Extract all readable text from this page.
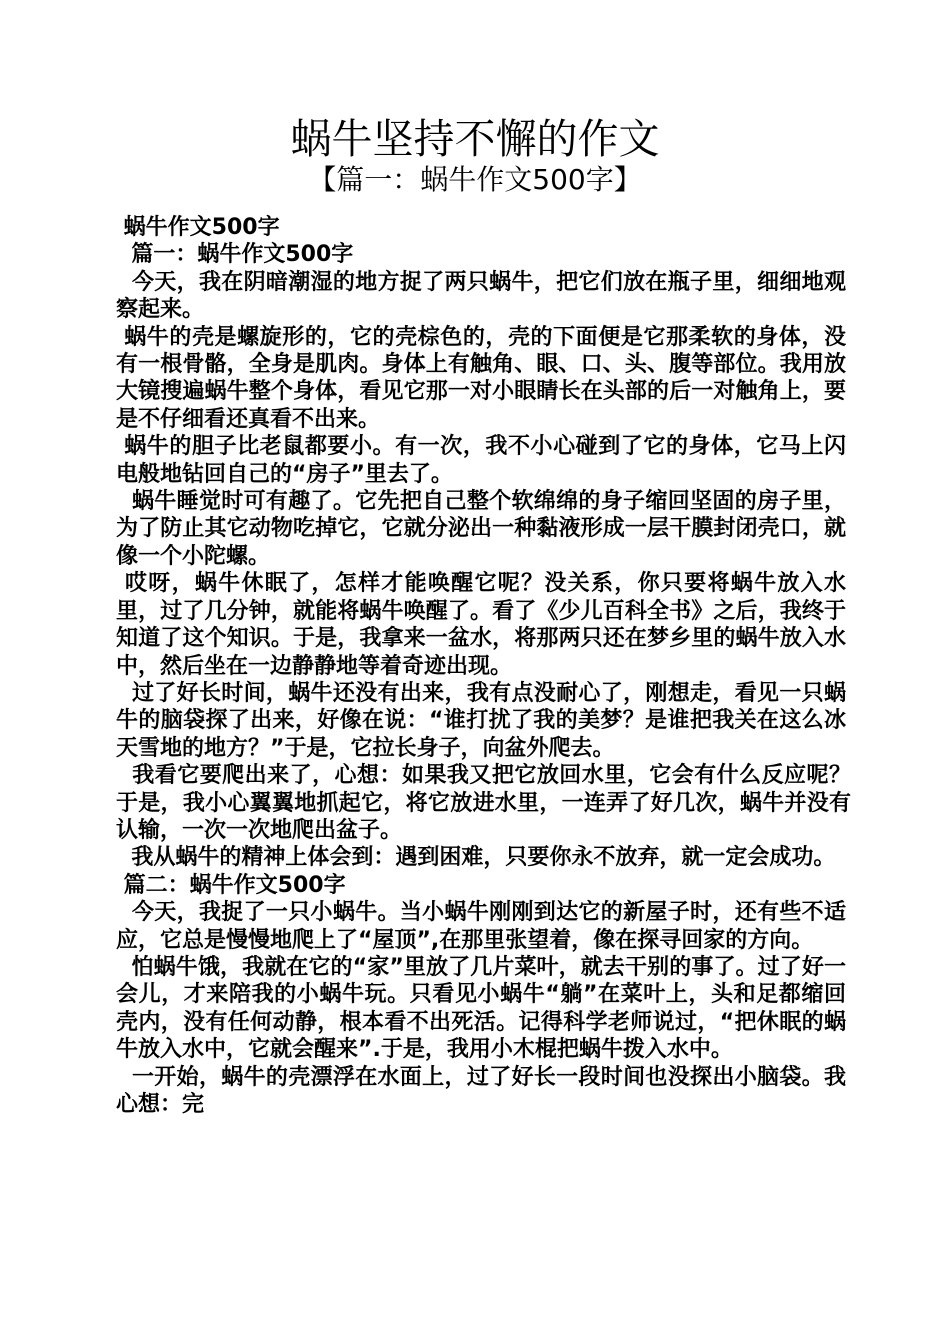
蜗牛坚持不懈的作文
【篇一：蜗牛作文500字】

蜗牛作文500字

篇一：蜗牛作文500字

今天，我在阴暗潮湿的地方捉了两只蜗牛，把它们放在瓶子里，细细地观察起来。

蜗牛的壳是螺旋形的，它的壳棕色的，壳的下面便是它那柔软的身体，没有一根骨骼，全身是肌肉。身体上有触角、眼、口、头、腹等部位。我用放大镜搜遍蜗牛整个身体，看见它那一对小眼睛长在头部的后一对触角上，要是不仔细看还真看不出来。

蜗牛的胆子比老鼠都要小。有一次，我不小心碰到了它的身体，它马上闪电般地钻回自己的“房子”里去了。

蜗牛睡觉时可有趣了。它先把自己整个软绵绵的身子缩回坚固的房子里，为了防止其它动物吃掉它，它就分泌出一种黏液形成一层干膜封闭壳口，就像一个小陀螺。

哎呀，蜗牛休眠了，怎样才能唤醒它呢？没关系，你只要将蜗牛放入水里，过了几分钟，就能将蜗牛唤醒了。看了《少儿百科全书》之后，我终于知道了这个知识。于是，我拿来一盆水，将那两只还在梦乡里的蜗牛放入水中，然后坐在一边静静地等着奇迹出现。

过了好长时间，蜗牛还没有出来，我有点没耐心了，刚想走，看见一只蜗牛的脑袋探了出来，好像在说：“谁打扰了我的美梦？是谁把我关在这么冰天雪地的地方？”于是，它拉长身子，向盆外爬去。

我看它要爬出来了，心想：如果我又把它放回水里，它会有什么反应呢？于是，我小心翼翼地抓起它，将它放进水里，一连弄了好几次，蜗牛并没有认输，一次一次地爬出盆子。

我从蜗牛的精神上体会到：遇到困难，只要你永不放弃，就一定会成功。

篇二：蜗牛作文500字

今天，我捉了一只小蜗牛。当小蜗牛刚刚到达它的新屋子时，还有些不适应，它总是慢慢地爬上了“屋顶”,在那里张望着，像在探寻回家的方向。

怕蜗牛饿，我就在它的“家”里放了几片菜叶，就去干别的事了。过了好一会儿，才来陪我的小蜗牛玩。只看见小蜗牛“躺”在菜叶上，头和足都缩回壳内，没有任何动静，根本看不出死活。记得科学老师说过，“把休眠的蜗牛放入水中，它就会醒来”.于是，我用小木棍把蜗牛拨入水中。

一开始，蜗牛的壳漂浮在水面上，过了好长一段时间也没探出小脑袋。我心想：完
